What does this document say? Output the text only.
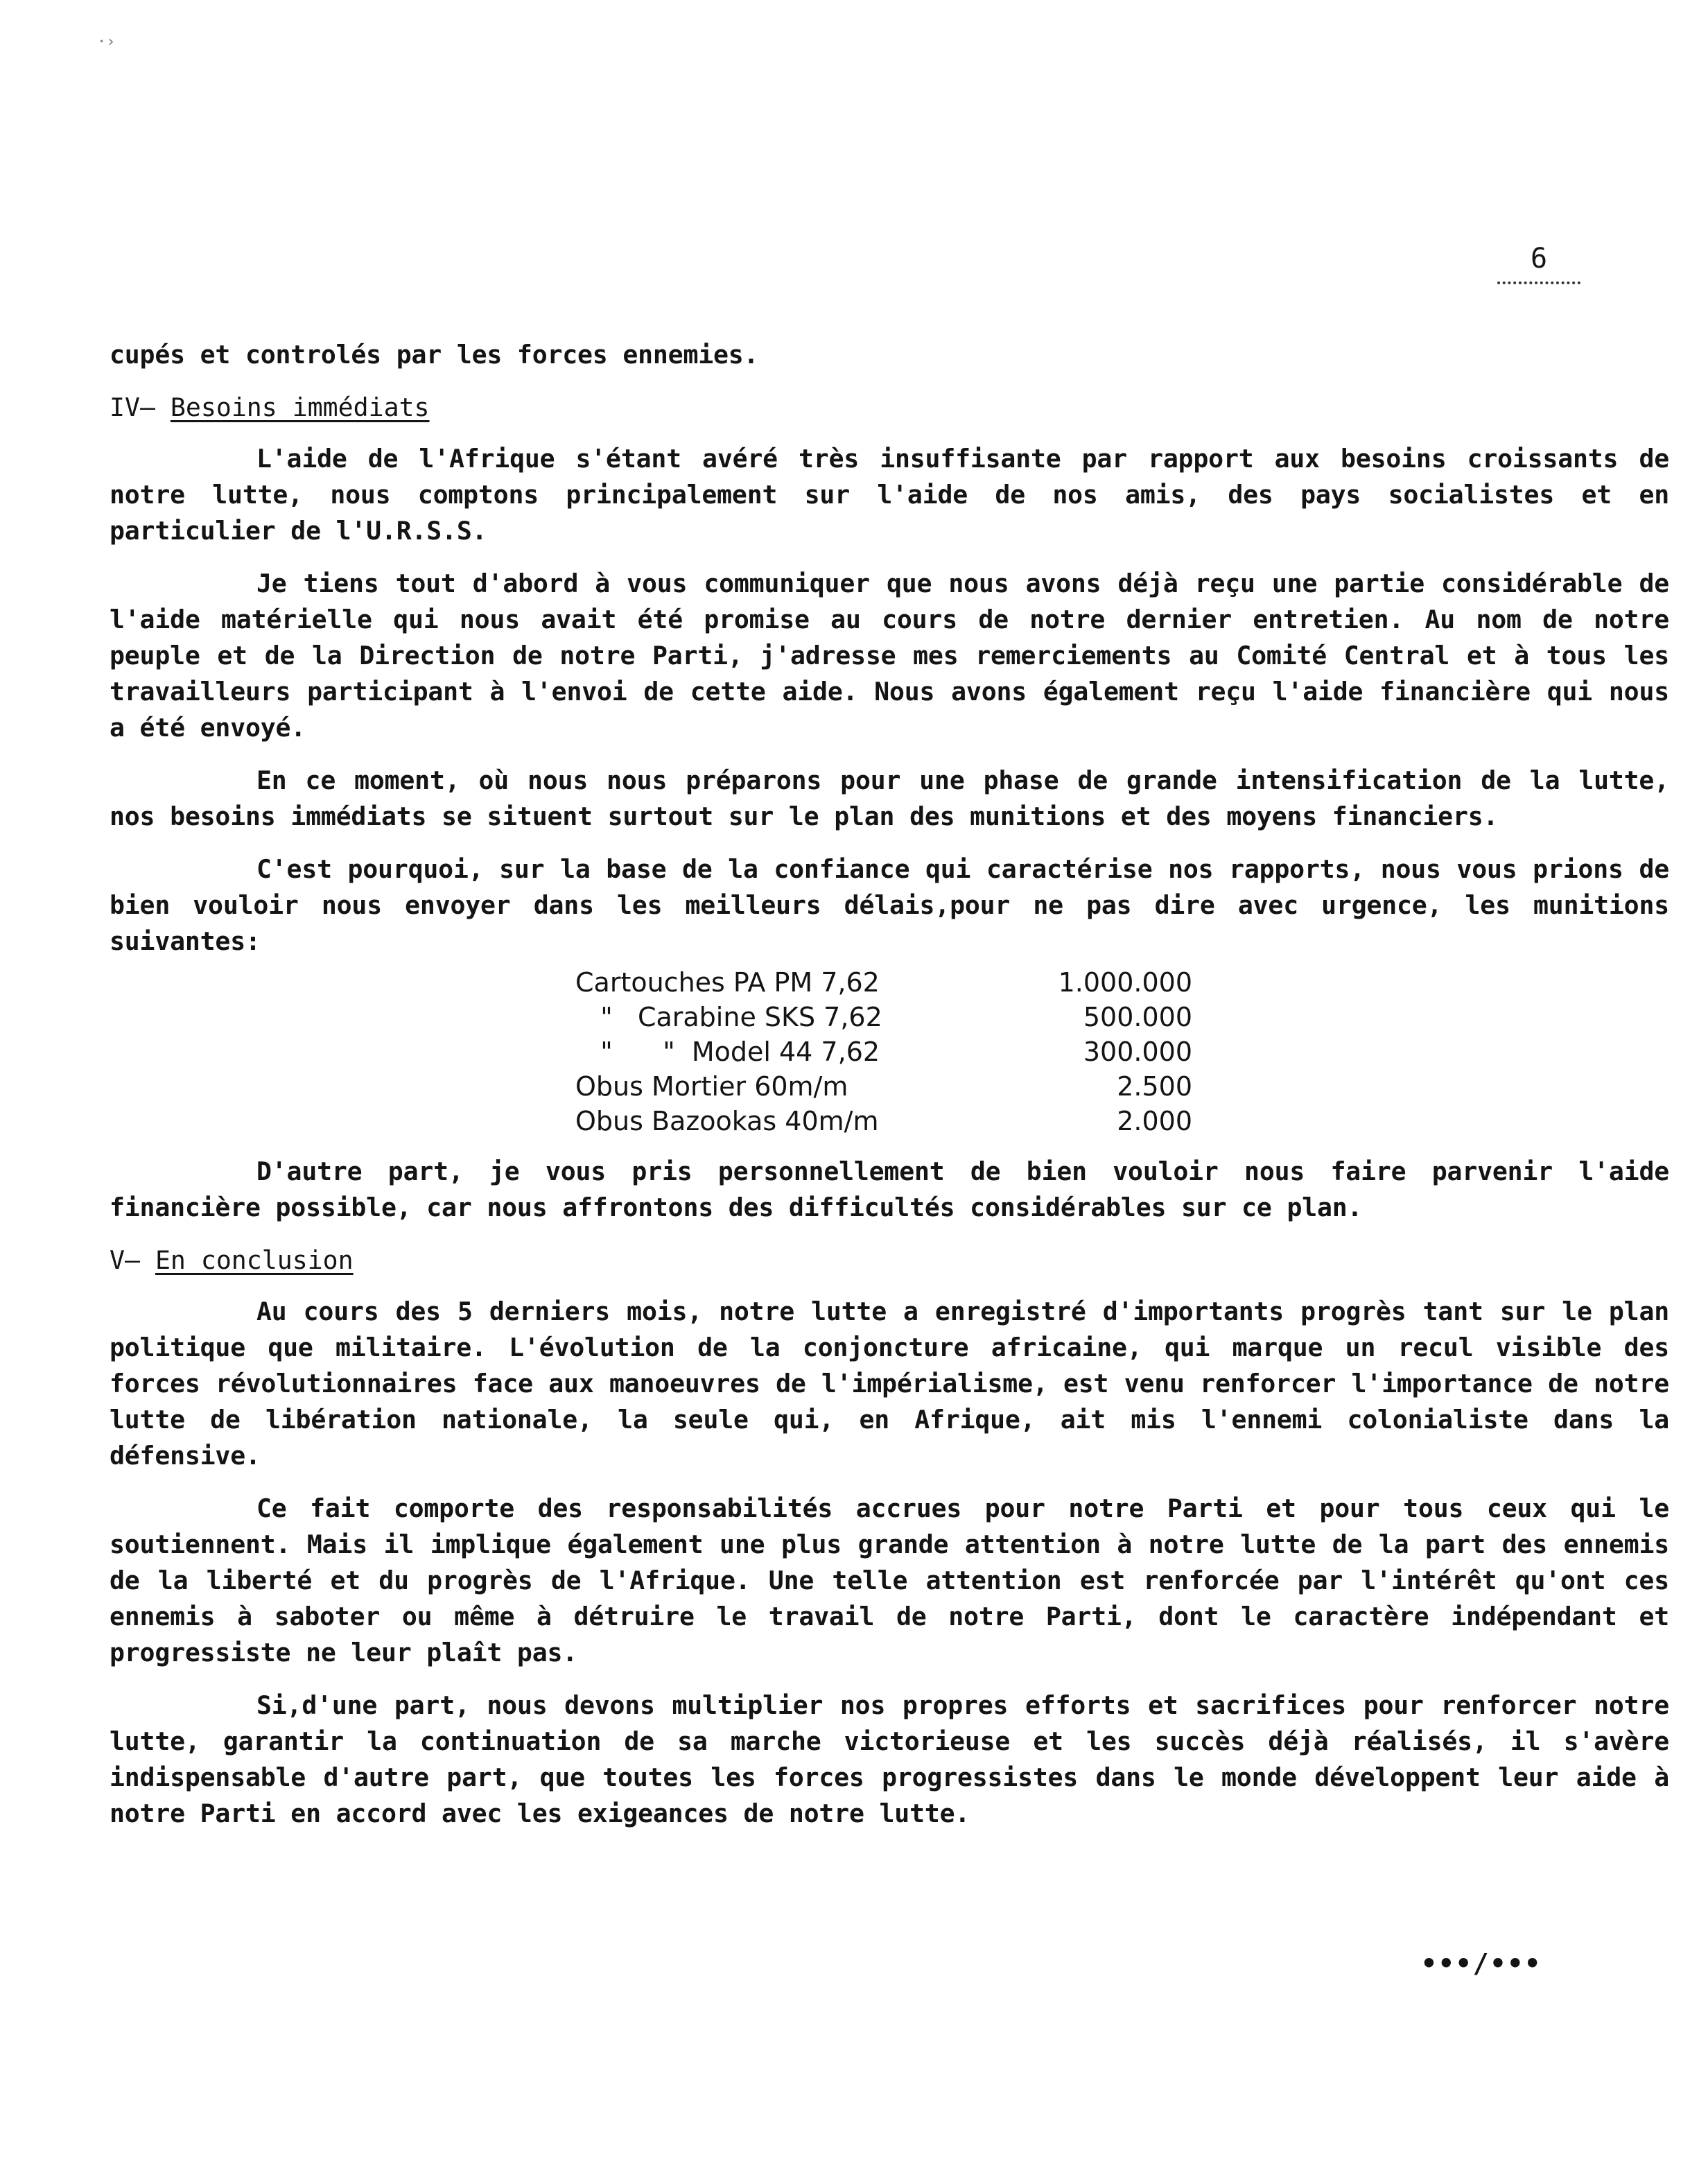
·›
6

cupés et controlés par les forces ennemies.

IV– Besoins immédiats

L'aide de l'Afrique s'étant avéré très insuffisante par rapport aux besoins croissants de notre lutte, nous comptons principalement sur l'aide de nos amis, des pays socialistes et en particulier de l'U.R.S.S.

Je tiens tout d'abord à vous communiquer que nous avons déjà reçu une partie considérable de l'aide matérielle qui nous avait été promise au cours de notre dernier entretien. Au nom de notre peuple et de la Direction de notre Parti, j'adresse mes remerciements au Comité Central et à tous les travailleurs participant à l'envoi de cette aide. Nous avons également reçu l'aide financière qui nous a été envoyé.

En ce moment, où nous nous préparons pour une phase de grande intensification de la lutte, nos besoins immédiats se situent surtout sur le plan des munitions et des moyens financiers.

C'est pourquoi, sur la base de la confiance qui caractérise nos rapports, nous vous prions de bien vouloir nous envoyer dans les meilleurs délais,pour ne pas dire avec urgence, les munitions suivantes:

Cartouches PA PM 7,62	1.000.000
"   Carabine SKS 7,62	500.000
"      "  Model 44 7,62	300.000
Obus Mortier 60m/m	2.500
Obus Bazookas 40m/m	2.000

D'autre part, je vous pris personnellement de bien vouloir nous faire parvenir l'aide financière possible, car nous affrontons des difficultés considérables sur ce plan.

V– En conclusion

Au cours des 5 derniers mois, notre lutte a enregistré d'importants progrès tant sur le plan politique que militaire. L'évolution de la conjoncture africaine, qui marque un recul visible des forces révolutionnaires face aux manoeuvres de l'impérialisme, est venu renforcer l'importance de notre lutte de libération nationale, la seule qui, en Afrique, ait mis l'ennemi colonialiste dans la défensive.

Ce fait comporte des responsabilités accrues pour notre Parti et pour tous ceux qui le soutiennent. Mais il implique également une plus grande attention à notre lutte de la part des ennemis de la liberté et du progrès de l'Afrique. Une telle attention est renforcée par l'intérêt qu'ont ces ennemis à saboter ou même à détruire le travail de notre Parti, dont le caractère indépendant et progressiste ne leur plaît pas.

Si,d'une part, nous devons multiplier nos propres efforts et sacrifices pour renforcer notre lutte, garantir la continuation de sa marche victorieuse et les succès déjà réalisés, il s'avère indispensable d'autre part, que toutes les forces progressistes dans le monde développent leur aide à notre Parti en accord avec les exigeances de notre lutte.

•••/•••
